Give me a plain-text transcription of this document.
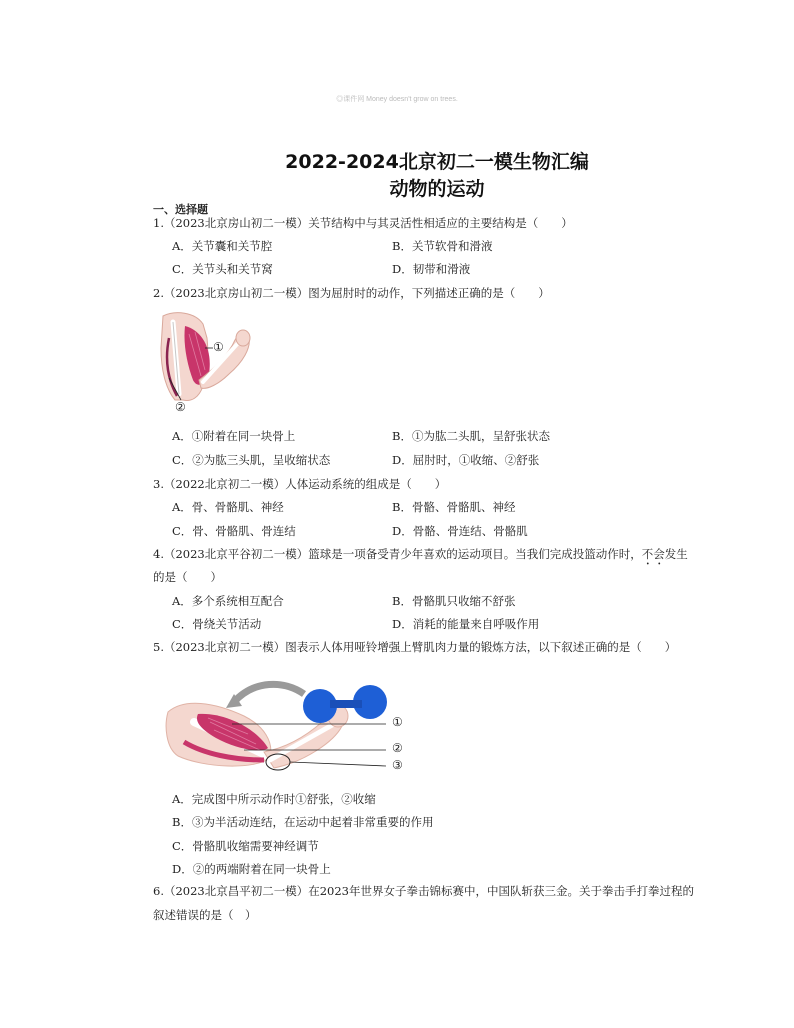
◎课件网 Money doesn't grow on trees.
2022-2024北京初二一模生物汇编
动物的运动
一、选择题
1.（2023北京房山初二一模）关节结构中与其灵活性相适应的主要结构是（　　）
A．关节囊和关节腔	B．关节软骨和滑液
C．关节头和关节窝	D．韧带和滑液
2.（2023北京房山初二一模）图为屈肘时的动作，下列描述正确的是（　　）
①
②
A．①附着在同一块骨上	B．①为肱二头肌，呈舒张状态
C．②为肱三头肌，呈收缩状态	D．屈肘时，①收缩、②舒张
3.（2022北京初二一模）人体运动系统的组成是（　　）
A．骨、骨骼肌、神经	B．骨骼、骨骼肌、神经
C．骨、骨骼肌、骨连结	D．骨骼、骨连结、骨骼肌
4.（2023北京平谷初二一模）篮球是一项备受青少年喜欢的运动项目。当我们完成投篮动作时，不会发生
的是（　　）
A．多个系统相互配合	B．骨骼肌只收缩不舒张
C．骨绕关节活动	D．消耗的能量来自呼吸作用
5.（2023北京初二一模）图表示人体用哑铃增强上臂肌肉力量的锻炼方法，以下叙述正确的是（　　）
①
②
③
A．完成图中所示动作时①舒张，②收缩
B．③为半活动连结，在运动中起着非常重要的作用
C．骨骼肌收缩需要神经调节
D．②的两端附着在同一块骨上
6.（2023北京昌平初二一模）在2023年世界女子拳击锦标赛中，中国队斩获三金。关于拳击手打拳过程的
叙述错误的是（　）
